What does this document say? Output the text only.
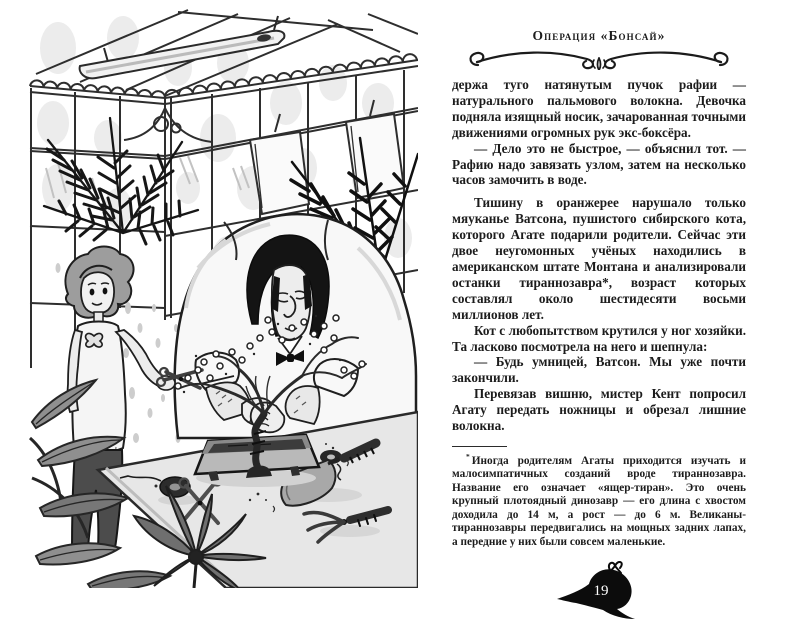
Операция «Бонсай»

держа туго натянутым пучок рафии — натурального пальмового волокна. Девочка подняла изящный носик, зачарованная точными движениями огромных рук экс-боксёра.

— Дело это не быстрое, — объяснил тот. — Рафию надо завязать узлом, затем на несколько часов замочить в воде.

Тишину в оранжерее нарушало только мяуканье Ватсона, пушистого сибирского кота, которого Агате подарили родители. Сейчас эти двое неугомонных учёных находились в американском штате Монтана и анализировали останки тираннозавра*, возраст которых составлял около шестидесяти восьми миллионов лет.

Кот с любопытством крутился у ног хозяйки. Та ласково посмотрела на него и шепнула:

— Будь умницей, Ватсон. Мы уже почти закончили.

Перевязав вишню, мистер Кент попросил Агату передать ножницы и обрезал лишние волокна.

* Иногда родителям Агаты приходится изучать и малосимпатичных созданий вроде тираннозавра. Название его означает «ящер-тиран». Это очень крупный плотоядный динозавр — его длина с хвостом доходила до 14 м, а рост — до 6 м. Великаны-тираннозавры передвигались на мощных задних лапах, а передние у них были совсем маленькие.

19
